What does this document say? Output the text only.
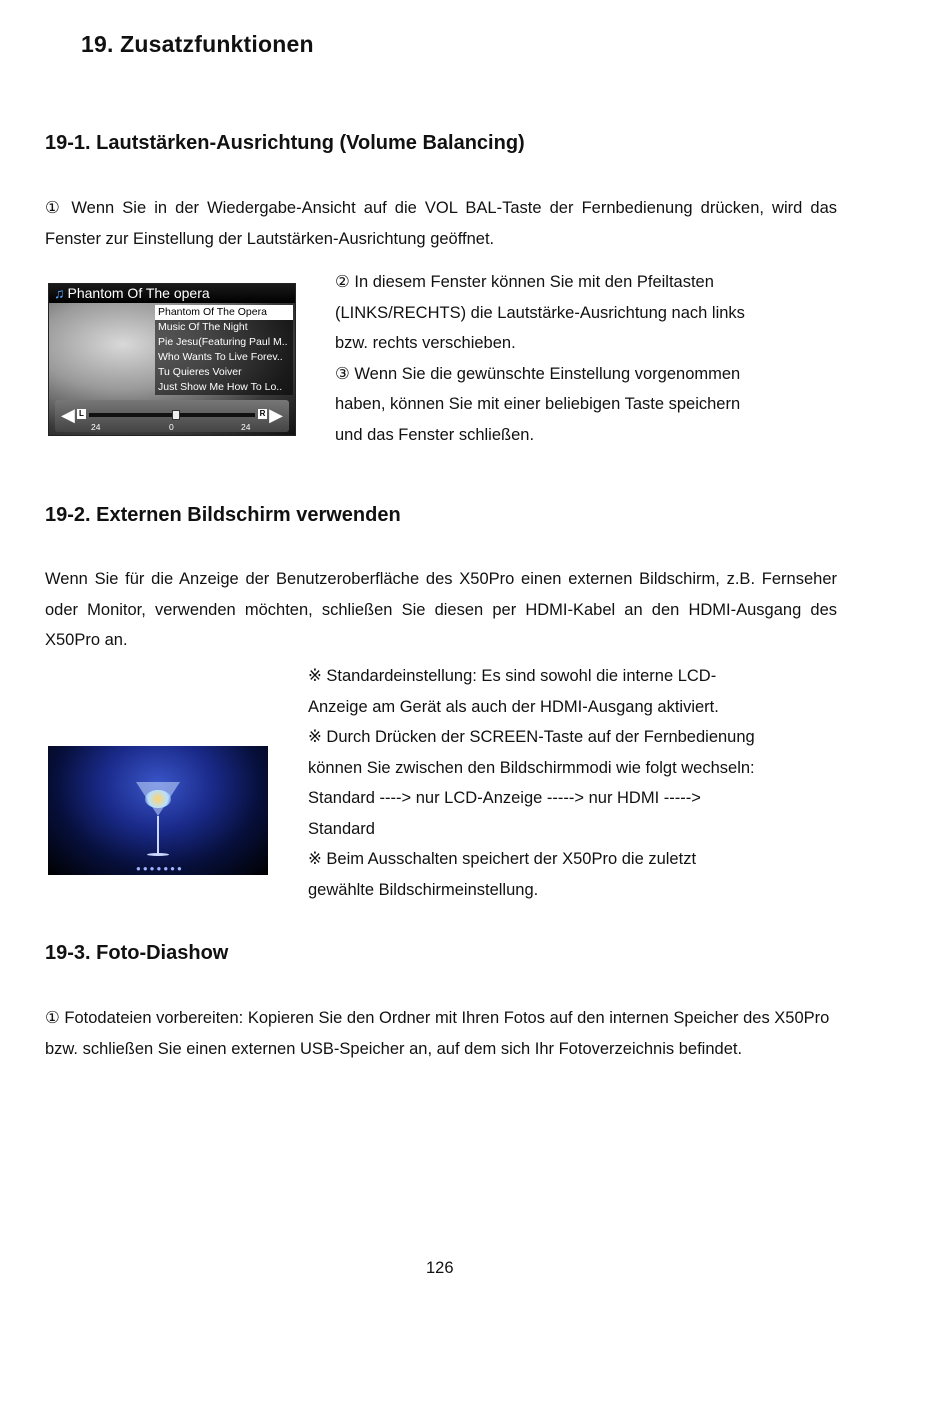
19. Zusatzfunktionen
19-1. Lautstärken-Ausrichtung (Volume Balancing)
① Wenn Sie in der Wiedergabe-Ansicht auf die VOL BAL-Taste der Fernbedienung drücken, wird das Fenster zur Einstellung der Lautstärken-Ausrichtung geöffnet.
♫ Phantom Of The opera
Phantom Of The Opera
Music Of The Night
Pie Jesu(Featuring Paul M..
Who Wants To Live Forev..
Tu Quieres Voiver
Just Show Me How To Lo..
◀ L	R ▶
24	0	24
② In diesem Fenster können Sie mit den Pfeiltasten
(LINKS/RECHTS) die Lautstärke-Ausrichtung nach links
bzw. rechts verschieben.
③ Wenn Sie die gewünschte Einstellung vorgenommen
haben, können Sie mit einer beliebigen Taste speichern
und das Fenster schließen.
19-2. Externen Bildschirm verwenden
Wenn Sie für die Anzeige der Benutzeroberfläche des X50Pro einen externen Bildschirm, z.B. Fernseher oder Monitor, verwenden möchten, schließen Sie diesen per HDMI-Kabel an den HDMI-Ausgang des X50Pro an.
●●●●●●●
※ Standardeinstellung: Es sind sowohl die interne LCD-
Anzeige am Gerät als auch der HDMI-Ausgang aktiviert.
※ Durch Drücken der SCREEN-Taste auf der Fernbedienung
können Sie zwischen den Bildschirmmodi wie folgt wechseln:
Standard ----> nur LCD-Anzeige -----> nur HDMI ----->
Standard
※ Beim Ausschalten speichert der X50Pro die zuletzt
gewählte Bildschirmeinstellung.
19-3. Foto-Diashow
① Fotodateien vorbereiten: Kopieren Sie den Ordner mit Ihren Fotos auf den internen Speicher des X50Pro bzw. schließen Sie einen externen USB-Speicher an, auf dem sich Ihr Fotoverzeichnis befindet.
126
